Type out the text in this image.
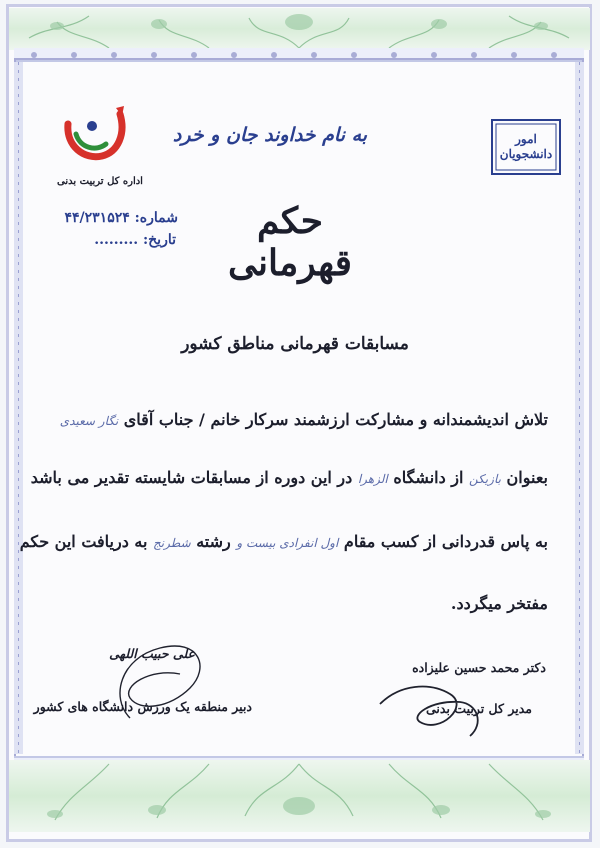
اداره کل تربیت بدنی
امور دانشجویان
به نام خداوند جان و خرد
حکم قهرمانی
مسابقات قهرمانی مناطق کشور
شماره: ۴۴/۲۳۱۵۲۴
تاریخ: .........
تلاش اندیشمندانه و مشارکت ارزشمند سرکار خانم / جناب آقای نگار سعیدی
بعنوان بازیکن از دانشگاه الزهرا در این دوره از مسابقات شایسته تقدیر می باشد
به پاس قدردانی از کسب مقام اول انفرادی بیست و رشته شطرنج به دریافت این حکم
مفتخر میگردد.
دکتر محمد حسین علیزاده
مدیر کل تربیت بدنی
علی حبیب اللهی
دبیر منطقه یک ورزش دانشگاه های کشور
